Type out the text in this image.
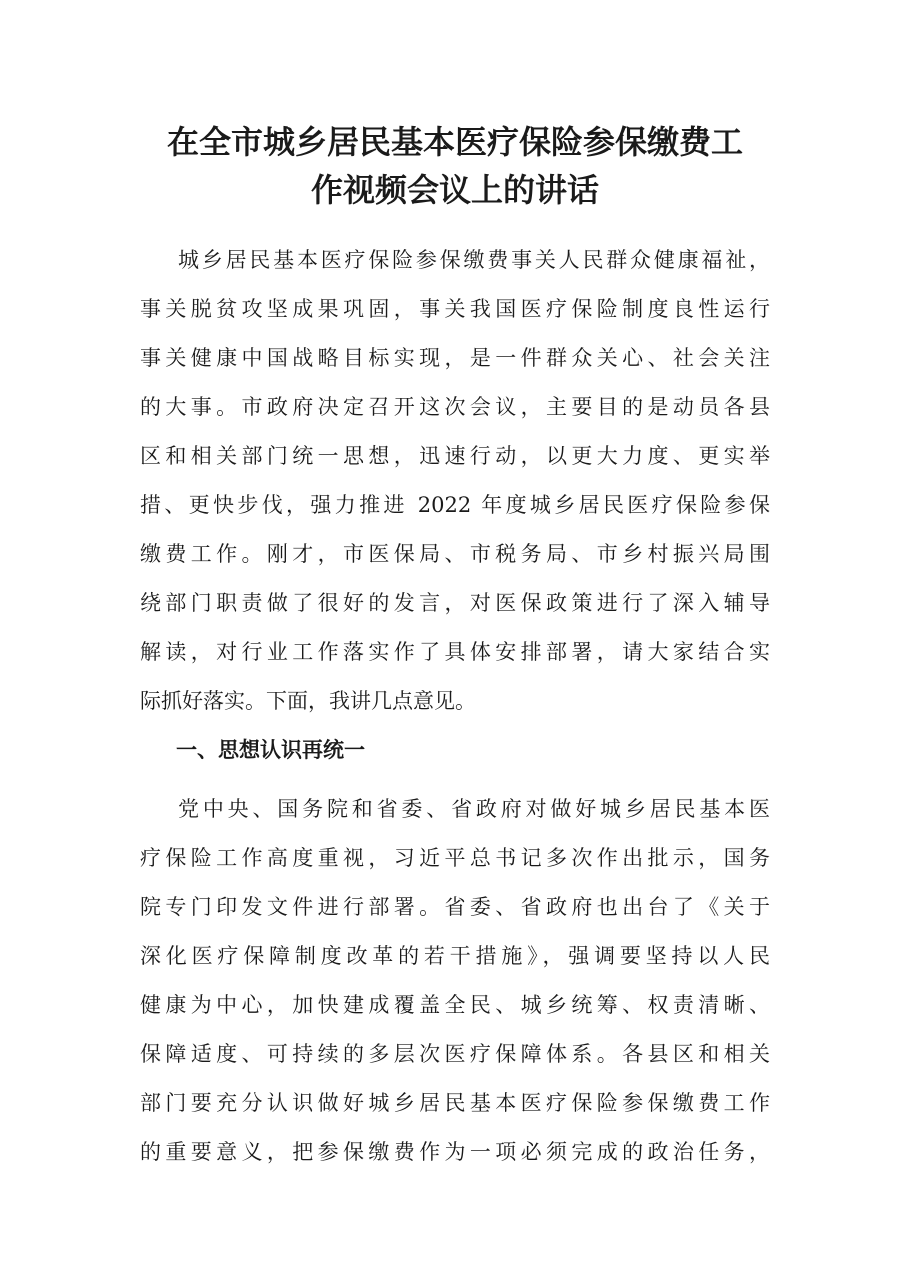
在全市城乡居民基本医疗保险参保缴费工
作视频会议上的讲话
城乡居民基本医疗保险参保缴费事关人民群众健康福祉，
事关脱贫攻坚成果巩固，事关我国医疗保险制度良性运行
事关健康中国战略目标实现，是一件群众关心、社会关注
的大事。市政府决定召开这次会议，主要目的是动员各县
区和相关部门统一思想，迅速行动，以更大力度、更实举
措、更快步伐，强力推进 2022 年度城乡居民医疗保险参保
缴费工作。刚才，市医保局、市税务局、市乡村振兴局围
绕部门职责做了很好的发言，对医保政策进行了深入辅导
解读，对行业工作落实作了具体安排部署，请大家结合实
际抓好落实。下面，我讲几点意见。
一、思想认识再统一
党中央、国务院和省委、省政府对做好城乡居民基本医
疗保险工作高度重视，习近平总书记多次作出批示，国务
院专门印发文件进行部署。省委、省政府也出台了《关于
深化医疗保障制度改革的若干措施》，强调要坚持以人民
健康为中心，加快建成覆盖全民、城乡统筹、权责清晰、
保障适度、可持续的多层次医疗保障体系。各县区和相关
部门要充分认识做好城乡居民基本医疗保险参保缴费工作
的重要意义，把参保缴费作为一项必须完成的政治任务，
